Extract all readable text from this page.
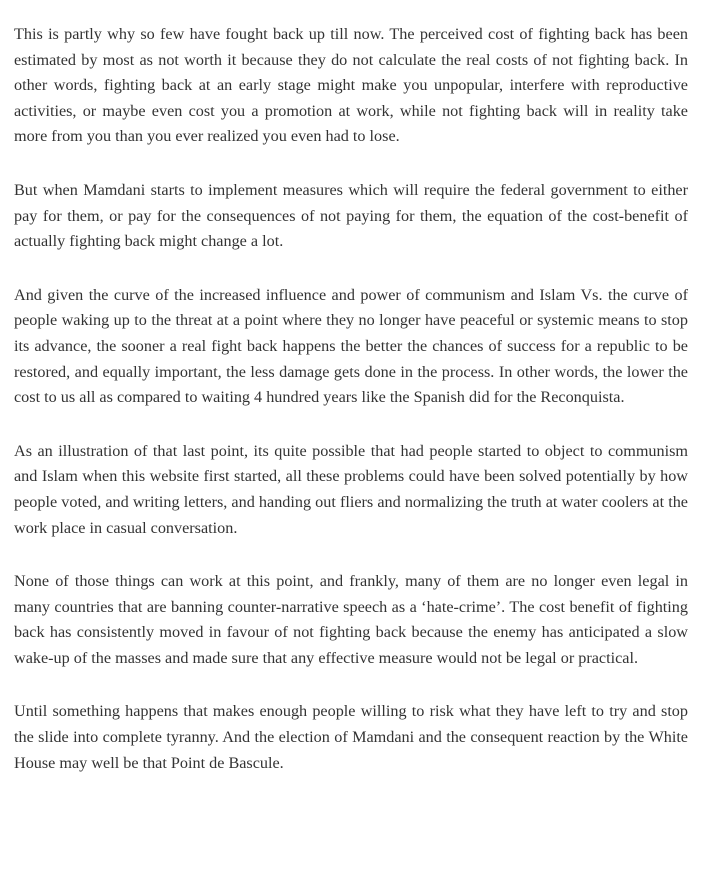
This is partly why so few have fought back up till now. The perceived cost of fighting back has been estimated by most as not worth it because they do not calculate the real costs of not fighting back. In other words, fighting back at an early stage might make you unpopular, interfere with reproductive activities, or maybe even cost you a promotion at work, while not fighting back will in reality take more from you than you ever realized you even had to lose.

But when Mamdani starts to implement measures which will require the federal government to either pay for them, or pay for the consequences of not paying for them, the equation of the cost-benefit of actually fighting back might change a lot.

And given the curve of the increased influence and power of communism and Islam Vs. the curve of people waking up to the threat at a point where they no longer have peaceful or systemic means to stop its advance, the sooner a real fight back happens the better the chances of success for a republic to be restored, and equally important, the less damage gets done in the process. In other words, the lower the cost to us all as compared to waiting 4 hundred years like the Spanish did for the Reconquista.

As an illustration of that last point, its quite possible that had people started to object to communism and Islam when this website first started, all these problems could have been solved potentially by how people voted, and writing letters, and handing out fliers and normalizing the truth at water coolers at the work place in casual conversation.

None of those things can work at this point, and frankly, many of them are no longer even legal in many countries that are banning counter-narrative speech as a ‘hate-crime’. The cost benefit of fighting back has consistently moved in favour of not fighting back because the enemy has anticipated a slow wake-up of the masses and made sure that any effective measure would not be legal or practical.

Until something happens that makes enough people willing to risk what they have left to try and stop the slide into complete tyranny. And the election of Mamdani and the consequent reaction by the White House may well be that Point de Bascule.
